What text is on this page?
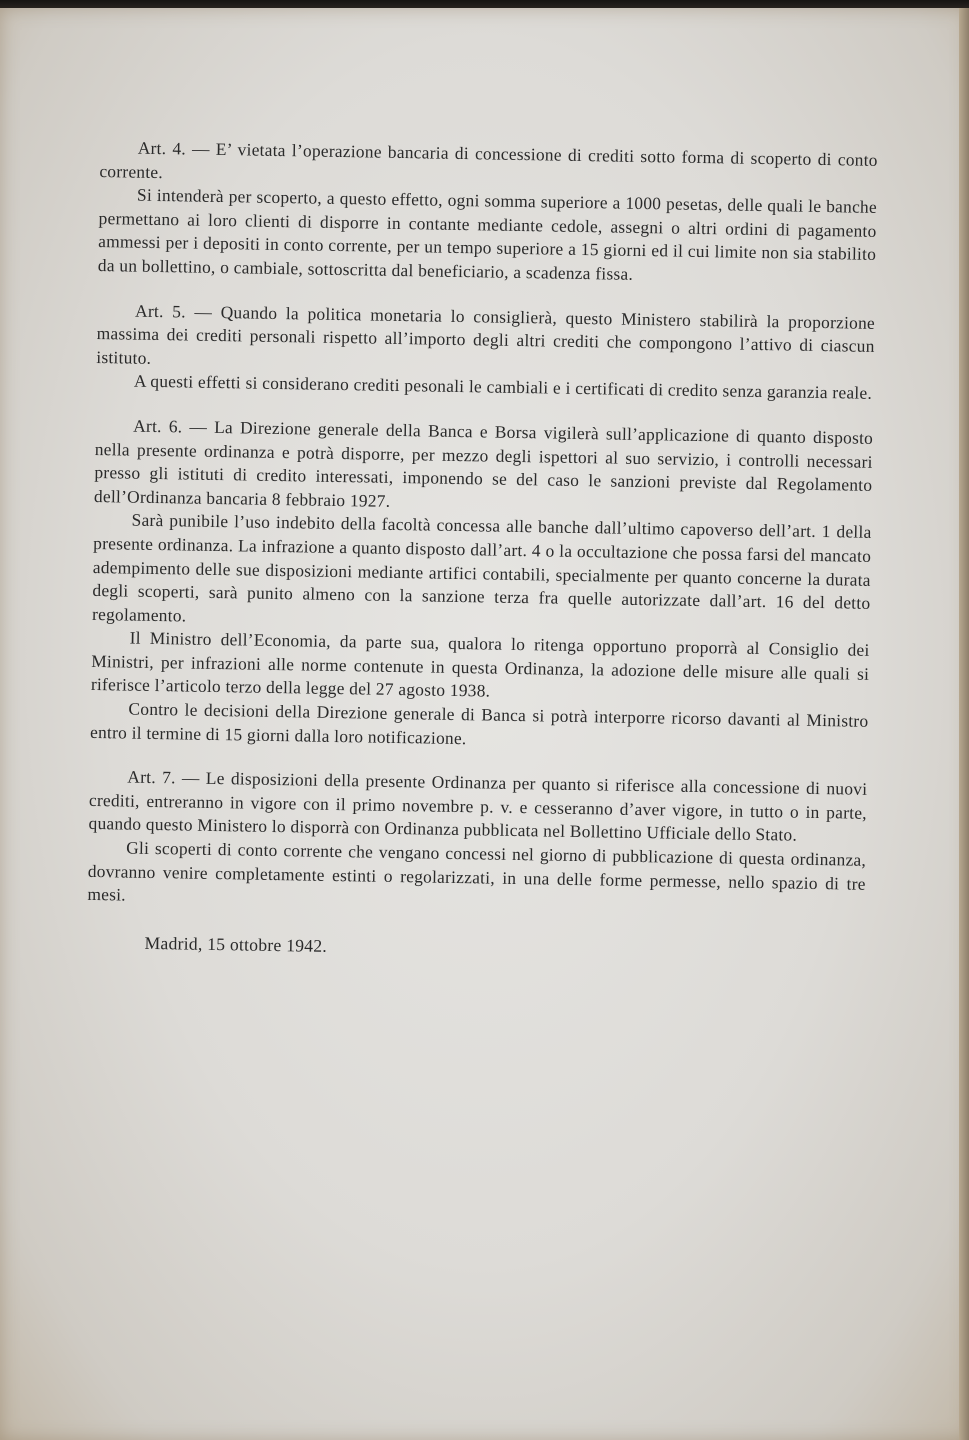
Art. 4. — E’ vietata l’operazione bancaria di concessione di crediti sotto forma di scoperto di conto corrente.

Si intenderà per scoperto, a questo effetto, ogni somma superiore a 1000 pesetas, delle quali le banche permettano ai loro clienti di disporre in contante mediante cedole, assegni o altri ordini di pagamento ammessi per i depositi in conto corrente, per un tempo superiore a 15 giorni ed il cui limite non sia stabilito da un bollettino, o cambiale, sottoscritta dal beneficiario, a scadenza fissa.

Art. 5. — Quando la politica monetaria lo consiglierà, questo Ministero stabilirà la proporzione massima dei crediti personali rispetto all’importo degli altri crediti che compongono l’attivo di ciascun istituto.

A questi effetti si considerano crediti pesonali le cambiali e i certificati di credito senza garanzia reale.

Art. 6. — La Direzione generale della Banca e Borsa vigilerà sull’applicazione di quanto disposto nella presente ordinanza e potrà disporre, per mezzo degli ispettori al suo servizio, i controlli necessari presso gli istituti di credito interessati, imponendo se del caso le sanzioni previste dal Regolamento dell’Ordinanza bancaria 8 febbraio 1927.

Sarà punibile l’uso indebito della facoltà concessa alle banche dall’ultimo capoverso dell’art. 1 della presente ordinanza. La infrazione a quanto disposto dall’art. 4 o la occultazione che possa farsi del mancato adempimento delle sue disposizioni mediante artifici contabili, specialmente per quanto concerne la durata degli scoperti, sarà punito almeno con la sanzione terza fra quelle autorizzate dall’art. 16 del detto regolamento.

Il Ministro dell’Economia, da parte sua, qualora lo ritenga opportuno proporrà al Consiglio dei Ministri, per infrazioni alle norme contenute in questa Ordinanza, la adozione delle misure alle quali si riferisce l’articolo terzo della legge del 27 agosto 1938.

Contro le decisioni della Direzione generale di Banca si potrà interporre ricorso davanti al Ministro entro il termine di 15 giorni dalla loro notificazione.

Art. 7. — Le disposizioni della presente Ordinanza per quanto si riferisce alla concessione di nuovi crediti, entreranno in vigore con il primo novembre p. v. e cesseranno d’aver vigore, in tutto o in parte, quando questo Ministero lo disporrà con Ordinanza pubblicata nel Bollettino Ufficiale dello Stato.

Gli scoperti di conto corrente che vengano concessi nel giorno di pubblicazione di questa ordinanza, dovranno venire completamente estinti o regolarizzati, in una delle forme permesse, nello spazio di tre mesi.

Madrid, 15 ottobre 1942.
